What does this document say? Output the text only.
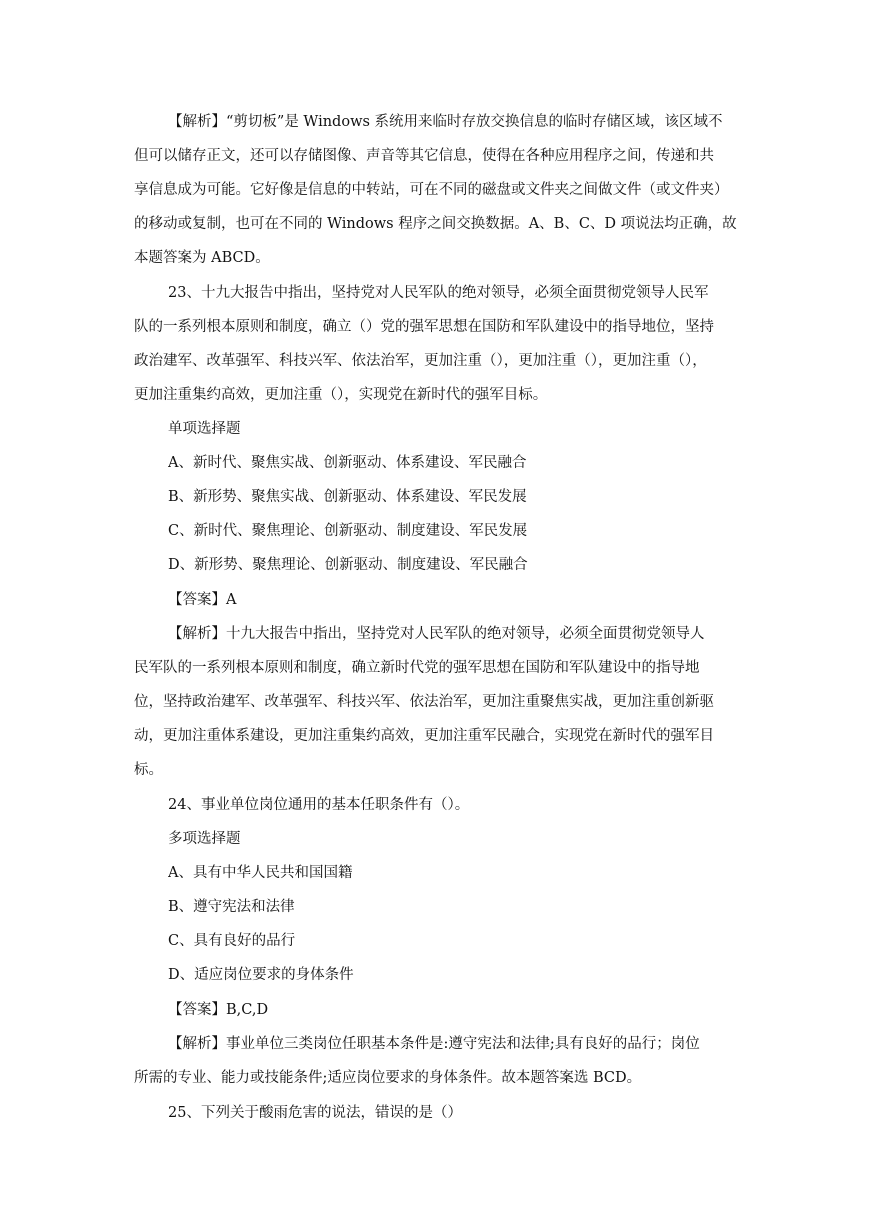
【解析】“剪切板”是 Windows 系统用来临时存放交换信息的临时存储区域，该区域不
但可以储存正文，还可以存储图像、声音等其它信息，使得在各种应用程序之间，传递和共
享信息成为可能。它好像是信息的中转站，可在不同的磁盘或文件夹之间做文件（或文件夹）
的移动或复制，也可在不同的 Windows 程序之间交换数据。A、B、C、D 项说法均正确，故
本题答案为 ABCD。
23、十九大报告中指出，坚持党对人民军队的绝对领导，必须全面贯彻党领导人民军
队的一系列根本原则和制度，确立（）党的强军思想在国防和军队建设中的指导地位，坚持
政治建军、改革强军、科技兴军、依法治军，更加注重（），更加注重（），更加注重（），
更加注重集约高效，更加注重（），实现党在新时代的强军目标。
单项选择题
A、新时代、聚焦实战、创新驱动、体系建设、军民融合
B、新形势、聚焦实战、创新驱动、体系建设、军民发展
C、新时代、聚焦理论、创新驱动、制度建设、军民发展
D、新形势、聚焦理论、创新驱动、制度建设、军民融合
【答案】A
【解析】十九大报告中指出，坚持党对人民军队的绝对领导，必须全面贯彻党领导人
民军队的一系列根本原则和制度，确立新时代党的强军思想在国防和军队建设中的指导地
位，坚持政治建军、改革强军、科技兴军、依法治军，更加注重聚焦实战，更加注重创新驱
动，更加注重体系建设，更加注重集约高效，更加注重军民融合，实现党在新时代的强军目
标。
24、事业单位岗位通用的基本任职条件有（）。
多项选择题
A、具有中华人民共和国国籍
B、遵守宪法和法律
C、具有良好的品行
D、适应岗位要求的身体条件
【答案】B,C,D
【解析】事业单位三类岗位任职基本条件是:遵守宪法和法律;具有良好的品行；岗位
所需的专业、能力或技能条件;适应岗位要求的身体条件。故本题答案选 BCD。
25、下列关于酸雨危害的说法，错误的是（）
